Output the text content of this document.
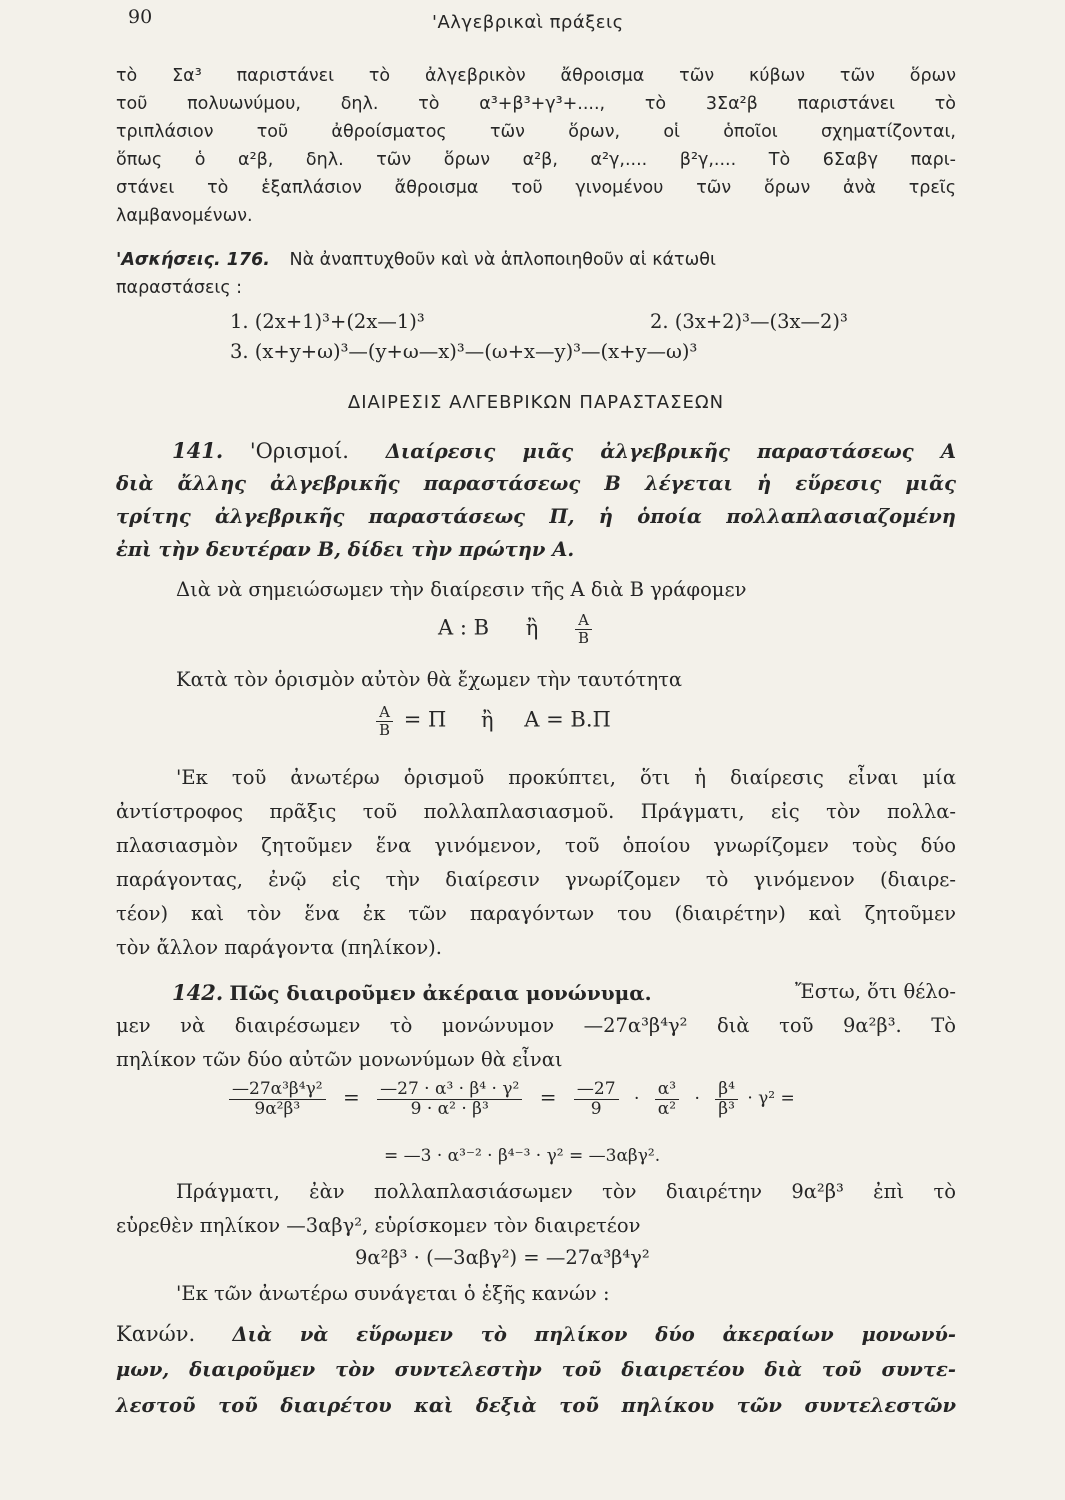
90	'Αλγεβρικαὶ πράξεις
τὸ Σα³ παριστάνει τὸ ἀλγεβρικὸν ἄθροισμα τῶν κύβων τῶν ὅρων
τοῦ πολυωνύμου, δηλ. τὸ α³+β³+γ³+...., τὸ 3Σα²β παριστάνει τὸ
τριπλάσιον τοῦ ἀθροίσματος τῶν ὅρων, οἱ ὁποῖοι σχηματίζονται,
ὅπως ὁ α²β, δηλ. τῶν ὅρων α²β, α²γ,.... β²γ,.... Τὸ 6Σαβγ παρι-
στάνει τὸ ἑξαπλάσιον ἄθροισμα τοῦ γινομένου τῶν ὅρων ἀνὰ τρεῖς
λαμβανομένων.
'Ασκήσεις. 176. Νὰ ἀναπτυχθοῦν καὶ νὰ ἁπλοποιηθοῦν αἱ κάτωθι
παραστάσεις :
1. (2x+1)³+(2x—1)³	2. (3x+2)³—(3x—2)³
3. (x+y+ω)³—(y+ω—x)³—(ω+x—y)³—(x+y—ω)³
ΔΙΑΙΡΕΣΙΣ ΑΛΓΕΒΡΙΚΩΝ ΠΑΡΑΣΤΑΣΕΩΝ
141. 'Ορισμοί. Διαίρεσις μιᾶς ἀλγεβρικῆς παραστάσεως Α
διὰ ἄλλης ἀλγεβρικῆς παραστάσεως Β λέγεται ἡ εὕρεσις μιᾶς
τρίτης ἀλγεβρικῆς παραστάσεως Π, ἡ ὁποία πολλαπλασιαζομένη
ἐπὶ τὴν δευτέραν Β, δίδει τὴν πρώτην Α.
Διὰ νὰ σημειώσωμεν τὴν διαίρεσιν τῆς Α διὰ Β γράφομεν
Α : Β ἢ $\frac{A}{B}$
Κατὰ τὸν ὁρισμὸν αὐτὸν θὰ ἔχωμεν τὴν ταυτότητα
$\frac{A}{B} = \Pi$ ἢ Α = Β.Π
'Εκ τοῦ ἀνωτέρω ὁρισμοῦ προκύπτει, ὅτι ἡ διαίρεσις εἶναι μία
ἀντίστροφος πρᾶξις τοῦ πολλαπλασιασμοῦ. Πράγματι, εἰς τὸν πολλα-
πλασιασμὸν ζητοῦμεν ἕνα γινόμενον, τοῦ ὁποίου γνωρίζομεν τοὺς δύο
παράγοντας, ἐνῷ εἰς τὴν διαίρεσιν γνωρίζομεν τὸ γινόμενον (διαιρε-
τέον) καὶ τὸν ἕνα ἐκ τῶν παραγόντων του (διαιρέτην) καὶ ζητοῦμεν
τὸν ἄλλον παράγοντα (πηλίκον).
142. Πῶς διαιροῦμεν ἀκέραια μονώνυμα.	Ἔστω, ὅτι θέλο-
μεν νὰ διαιρέσωμεν τὸ μονώνυμον —27α³β⁴γ² διὰ τοῦ 9α²β³. Τὸ
πηλίκον τῶν δύο αὐτῶν μονωνύμων θὰ εἶναι
$\frac{\text{—27α³β⁴γ²}}{\text{9α²β³}} = \frac{\text{—27 · α³ · β⁴ · γ²}}{\text{9 · α² · β³}} = \frac{—27}{9} \cdot \frac{\text{α³}}{\text{α²}} \cdot \frac{\text{β⁴}}{\text{β³}} \cdot \gamma^2$ =
= —3 · α³⁻² · β⁴⁻³ · γ² = —3αβγ².
Πράγματι, ἐὰν πολλαπλασιάσωμεν τὸν διαιρέτην 9α²β³ ἐπὶ τὸ
εὑρεθὲν πηλίκον —3αβγ², εὑρίσκομεν τὸν διαιρετέον
9α²β³ · (—3αβγ²) = —27α³β⁴γ²
'Εκ τῶν ἀνωτέρω συνάγεται ὁ ἑξῆς κανών :
Κανών. Διὰ νὰ εὕρωμεν τὸ πηλίκον δύο ἀκεραίων μονωνύ-
μων, διαιροῦμεν τὸν συντελεστὴν τοῦ διαιρετέου διὰ τοῦ συντε-
λεστοῦ τοῦ διαιρέτου καὶ δεξιὰ τοῦ πηλίκου τῶν συντελεστῶν
